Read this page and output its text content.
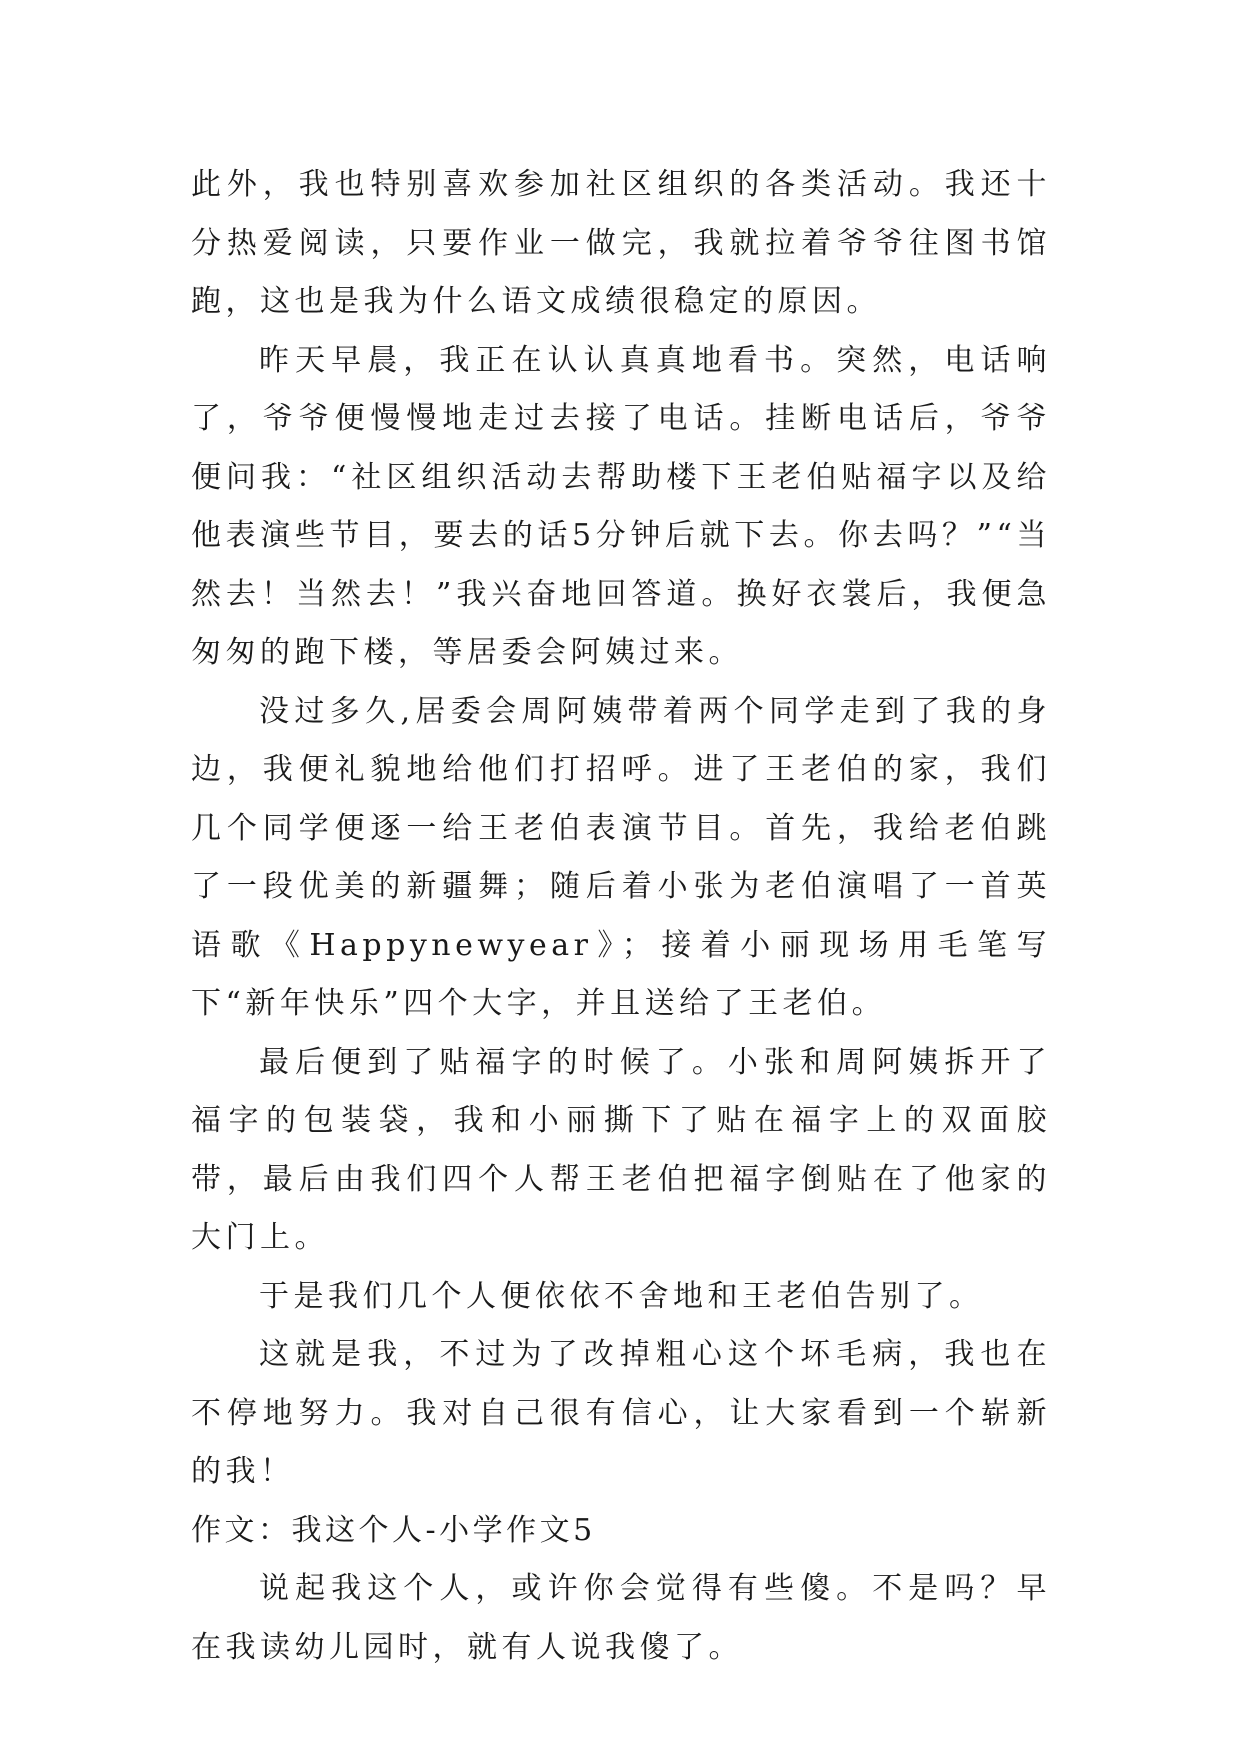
此外，我也特别喜欢参加社区组织的各类活动。我还十分热爱阅读，只要作业一做完，我就拉着爷爷往图书馆跑，这也是我为什么语文成绩很稳定的原因。

昨天早晨，我正在认认真真地看书。突然，电话响了，爷爷便慢慢地走过去接了电话。挂断电话后，爷爷便问我：“社区组织活动去帮助楼下王老伯贴福字以及给他表演些节目，要去的话5分钟后就下去。你去吗？”“当然去！当然去！”我兴奋地回答道。换好衣裳后，我便急匆匆的跑下楼，等居委会阿姨过来。

没过多久,居委会周阿姨带着两个同学走到了我的身边，我便礼貌地给他们打招呼。进了王老伯的家，我们几个同学便逐一给王老伯表演节目。首先，我给老伯跳了一段优美的新疆舞；随后着小张为老伯演唱了一首英语歌《Happynewyear》；接着小丽现场用毛笔写下“新年快乐”四个大字，并且送给了王老伯。

最后便到了贴福字的时候了。小张和周阿姨拆开了福字的包装袋，我和小丽撕下了贴在福字上的双面胶带，最后由我们四个人帮王老伯把福字倒贴在了他家的大门上。

于是我们几个人便依依不舍地和王老伯告别了。

这就是我，不过为了改掉粗心这个坏毛病，我也在不停地努力。我对自己很有信心，让大家看到一个崭新的我！

作文：我这个人-小学作文5

说起我这个人，或许你会觉得有些傻。不是吗？早在我读幼儿园时，就有人说我傻了。
